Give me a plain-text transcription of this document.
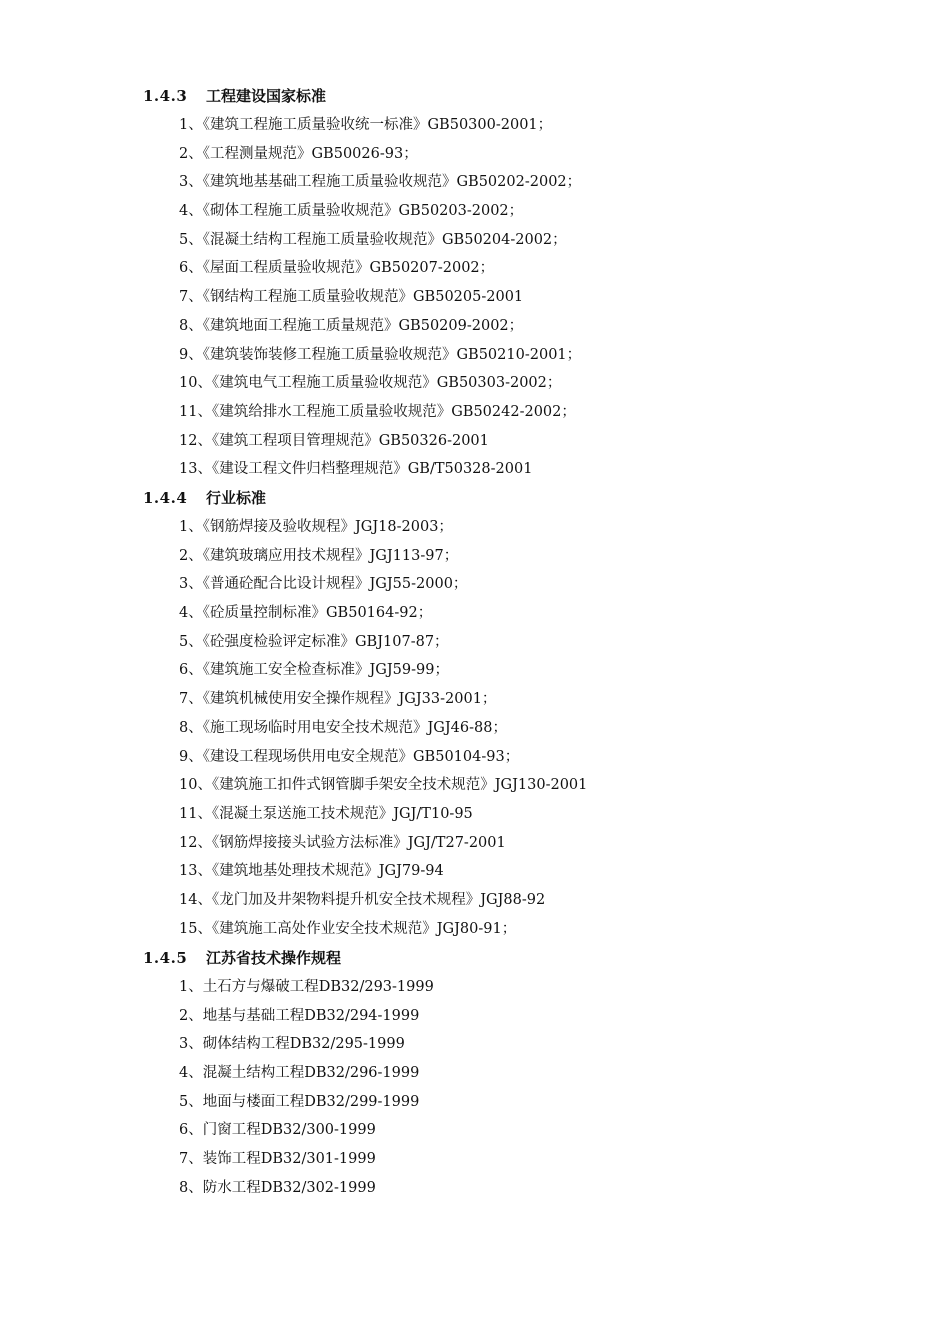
1.4.3 工程建设国家标准
1、《建筑工程施工质量验收统一标准》GB50300-2001；
2、《工程测量规范》GB50026-93；
3、《建筑地基基础工程施工质量验收规范》GB50202-2002；
4、《砌体工程施工质量验收规范》GB50203-2002；
5、《混凝土结构工程施工质量验收规范》GB50204-2002；
6、《屋面工程质量验收规范》GB50207-2002；
7、《钢结构工程施工质量验收规范》GB50205-2001
8、《建筑地面工程施工质量规范》GB50209-2002；
9、《建筑装饰装修工程施工质量验收规范》GB50210-2001；
10、《建筑电气工程施工质量验收规范》GB50303-2002；
11、《建筑给排水工程施工质量验收规范》GB50242-2002；
12、《建筑工程项目管理规范》GB50326-2001
13、《建设工程文件归档整理规范》GB/T50328-2001
1.4.4 行业标准
1、《钢筋焊接及验收规程》JGJ18-2003；
2、《建筑玻璃应用技术规程》JGJ113-97；
3、《普通砼配合比设计规程》JGJ55-2000；
4、《砼质量控制标准》GB50164-92；
5、《砼强度检验评定标准》GBJ107-87；
6、《建筑施工安全检查标准》JGJ59-99；
7、《建筑机械使用安全操作规程》JGJ33-2001；
8、《施工现场临时用电安全技术规范》JGJ46-88；
9、《建设工程现场供用电安全规范》GB50104-93；
10、《建筑施工扣件式钢管脚手架安全技术规范》JGJ130-2001
11、《混凝土泵送施工技术规范》JGJ/T10-95
12、《钢筋焊接接头试验方法标准》JGJ/T27-2001
13、《建筑地基处理技术规范》JGJ79-94
14、《龙门加及井架物料提升机安全技术规程》JGJ88-92
15、《建筑施工高处作业安全技术规范》JGJ80-91；
1.4.5 江苏省技术操作规程
1、土石方与爆破工程DB32/293-1999
2、地基与基础工程DB32/294-1999
3、砌体结构工程DB32/295-1999
4、混凝土结构工程DB32/296-1999
5、地面与楼面工程DB32/299-1999
6、门窗工程DB32/300-1999
7、装饰工程DB32/301-1999
8、防水工程DB32/302-1999
